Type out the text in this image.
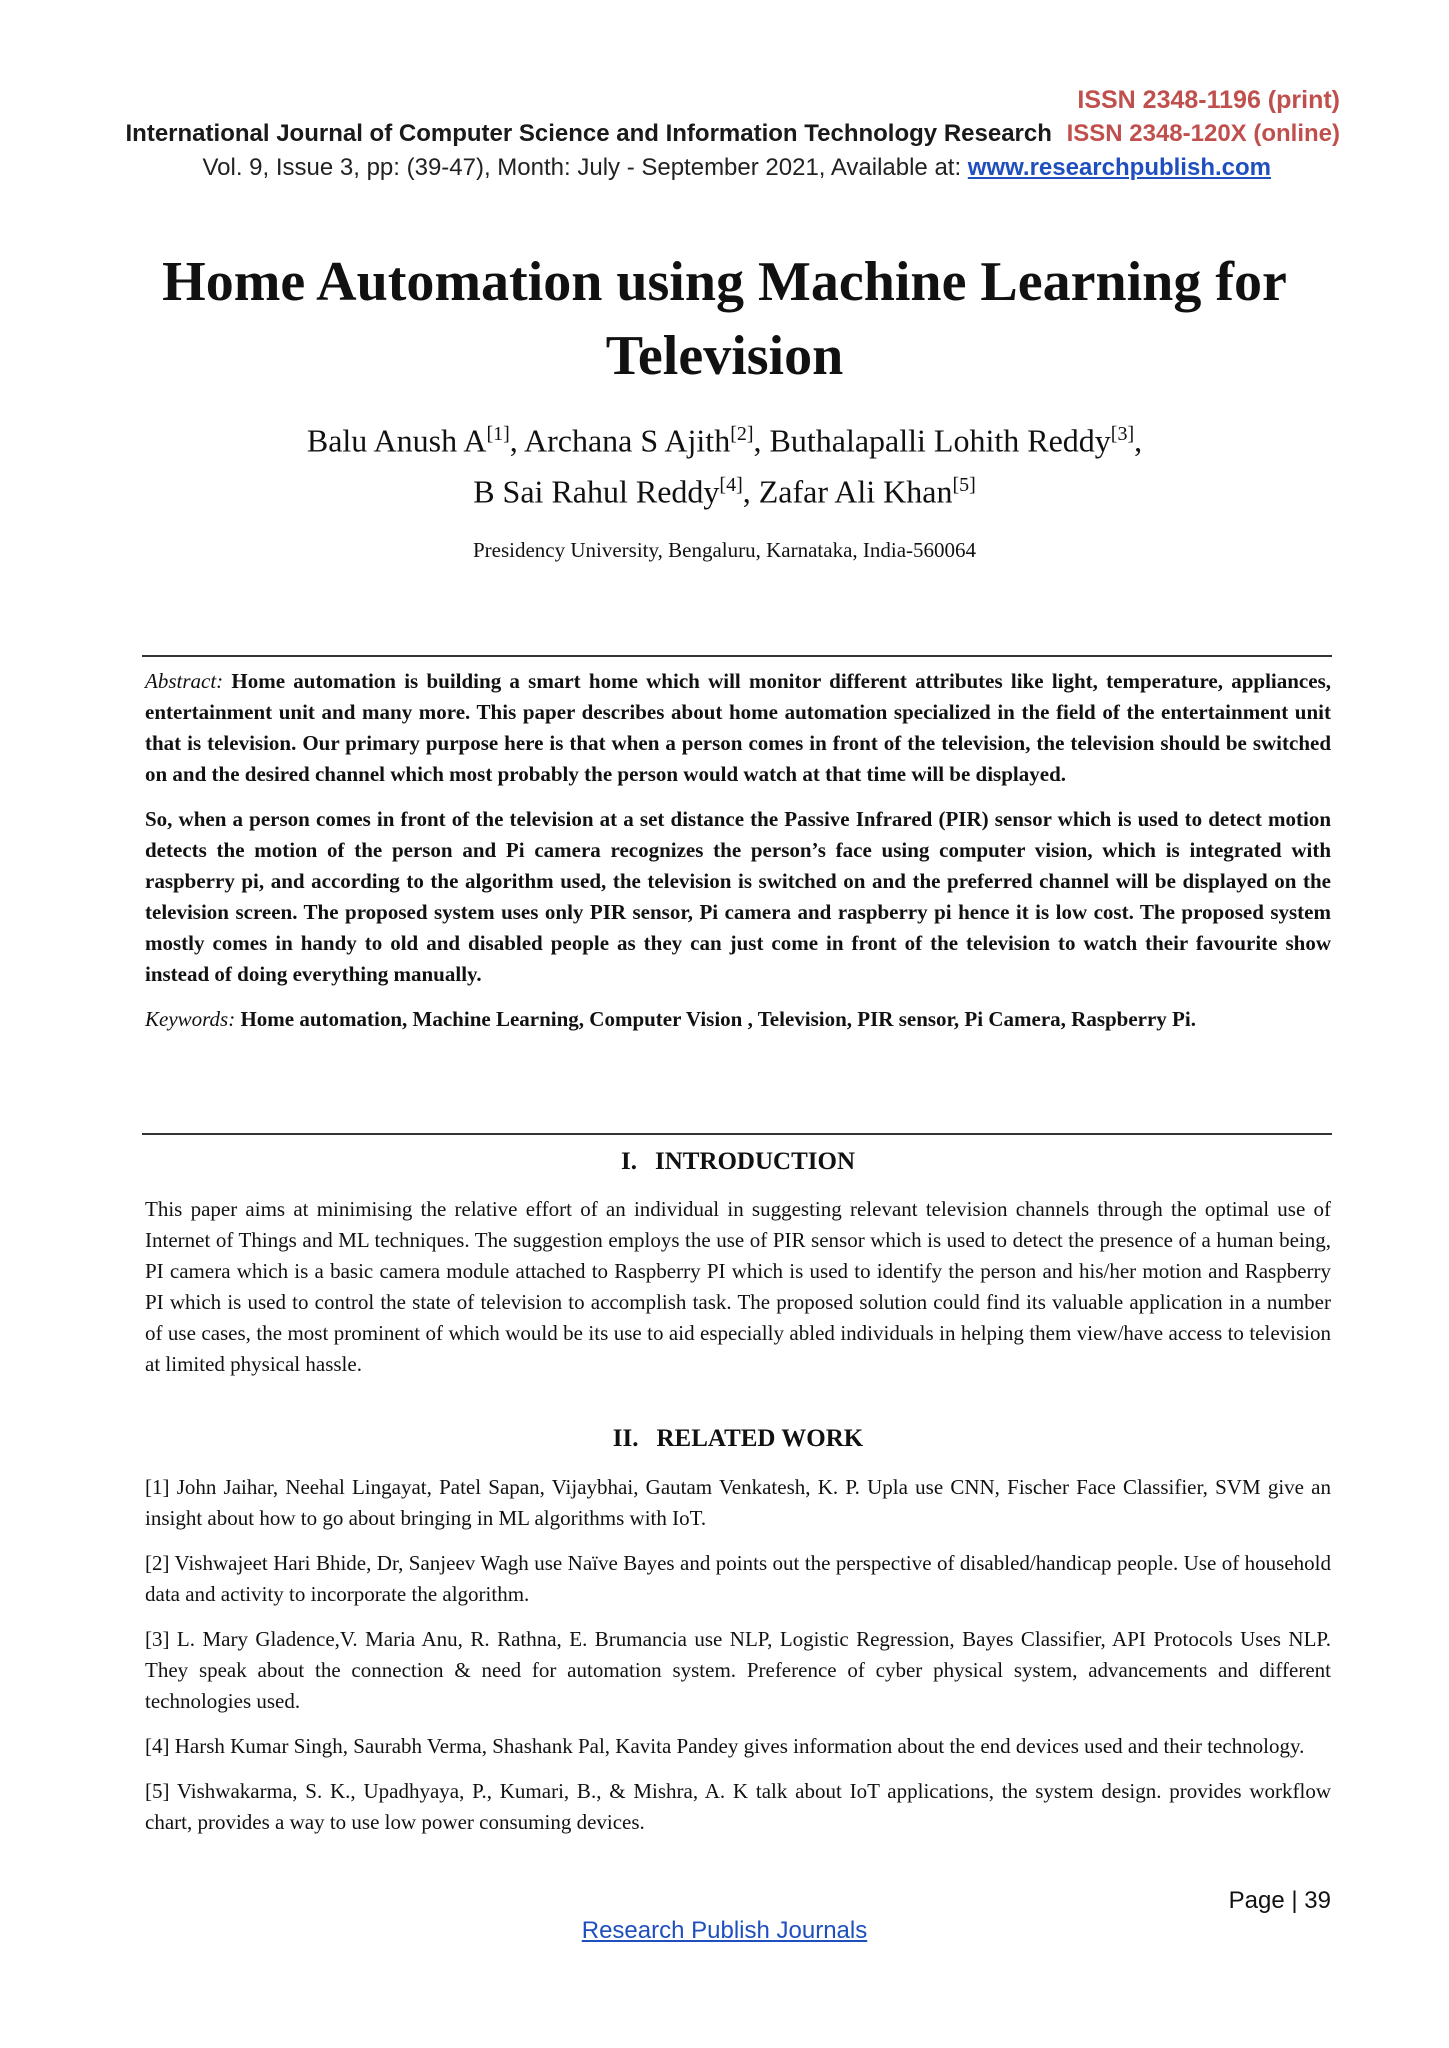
ISSN 2348-1196 (print)
International Journal of Computer Science and Information Technology Research ISSN 2348-120X (online)
Vol. 9, Issue 3, pp: (39-47), Month: July - September 2021, Available at: www.researchpublish.com
Home Automation using Machine Learning for
Television
Balu Anush A[1], Archana S Ajith[2], Buthalapalli Lohith Reddy[3],
B Sai Rahul Reddy[4], Zafar Ali Khan[5]
Presidency University, Bengaluru, Karnataka, India-560064

Abstract: Home automation is building a smart home which will monitor different attributes like light, temperature, appliances, entertainment unit and many more. This paper describes about home automation specialized in the field of the entertainment unit that is television. Our primary purpose here is that when a person comes in front of the television, the television should be switched on and the desired channel which most probably the person would watch at that time will be displayed.

So, when a person comes in front of the television at a set distance the Passive Infrared (PIR) sensor which is used to detect motion detects the motion of the person and Pi camera recognizes the person’s face using computer vision, which is integrated with raspberry pi, and according to the algorithm used, the television is switched on and the preferred channel will be displayed on the television screen. The proposed system uses only PIR sensor, Pi camera and raspberry pi hence it is low cost. The proposed system mostly comes in handy to old and disabled people as they can just come in front of the television to watch their favourite show instead of doing everything manually.

Keywords: Home automation, Machine Learning, Computer Vision , Television, PIR sensor, Pi Camera, Raspberry Pi.

I. INTRODUCTION

This paper aims at minimising the relative effort of an individual in suggesting relevant television channels through the optimal use of Internet of Things and ML techniques. The suggestion employs the use of PIR sensor which is used to detect the presence of a human being, PI camera which is a basic camera module attached to Raspberry PI which is used to identify the person and his/her motion and Raspberry PI which is used to control the state of television to accomplish task. The proposed solution could find its valuable application in a number of use cases, the most prominent of which would be its use to aid especially abled individuals in helping them view/have access to television at limited physical hassle.

II. RELATED WORK

[1] John Jaihar, Neehal Lingayat, Patel Sapan, Vijaybhai, Gautam Venkatesh, K. P. Upla use CNN, Fischer Face Classifier, SVM give an insight about how to go about bringing in ML algorithms with IoT.

[2] Vishwajeet Hari Bhide, Dr, Sanjeev Wagh use Naïve Bayes and points out the perspective of disabled/handicap people. Use of household data and activity to incorporate the algorithm.

[3] L. Mary Gladence,V. Maria Anu, R. Rathna, E. Brumancia use NLP, Logistic Regression, Bayes Classifier, API Protocols Uses NLP. They speak about the connection & need for automation system. Preference of cyber physical system, advancements and different technologies used.

[4] Harsh Kumar Singh, Saurabh Verma, Shashank Pal, Kavita Pandey gives information about the end devices used and their technology.

[5] Vishwakarma, S. K., Upadhyaya, P., Kumari, B., & Mishra, A. K talk about IoT applications, the system design. provides workflow chart, provides a way to use low power consuming devices.

Page | 39
Research Publish Journals
